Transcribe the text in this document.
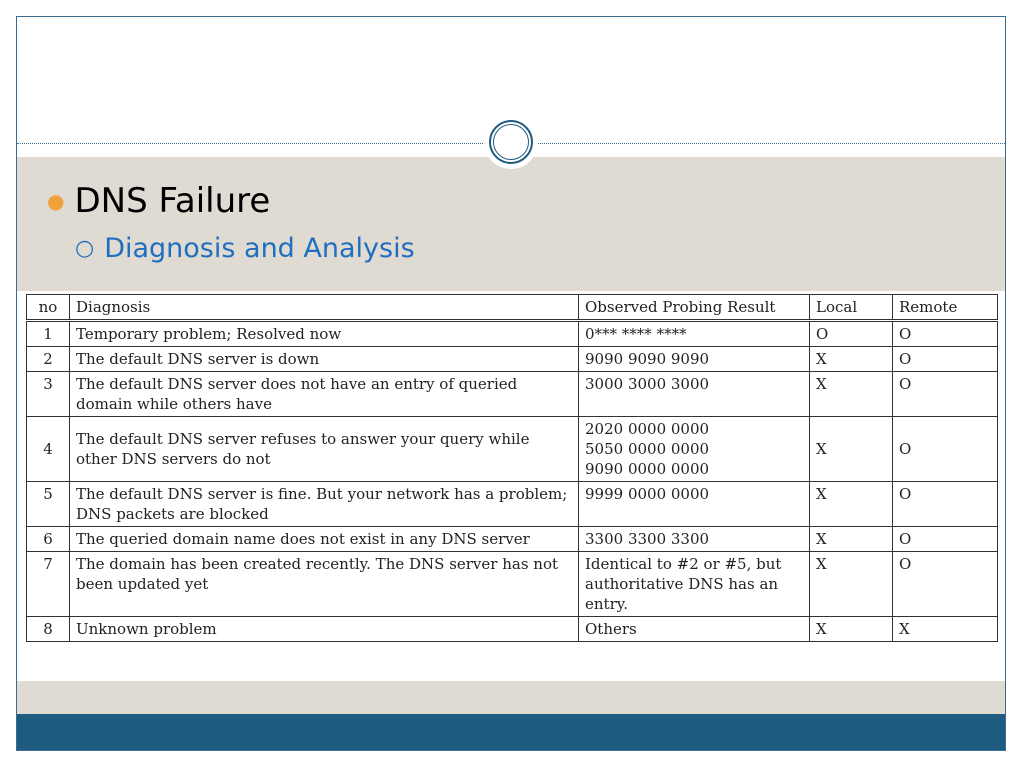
● DNS Failure
○ Diagnosis and Analysis
no	Diagnosis	Observed Probing Result	Local	Remote
1	Temporary problem; Resolved now	0*** **** ****	O	O
2	The default DNS server is down	9090 9090 9090	X	O
3	The default DNS server does not have an entry of queried domain while others have	3000 3000 3000	X	O
4	The default DNS server refuses to answer your query while other DNS servers do not	2020 0000 0000
5050 0000 0000
9090 0000 0000	X	O
5	The default DNS server is fine. But your network has a problem; DNS packets are blocked	9999 0000 0000	X	O
6	The queried domain name does not exist in any DNS server	3300 3300 3300	X	O
7	The domain has been created recently. The DNS server has not been updated yet	Identical to #2 or #5, but authoritative DNS has an entry.	X	O
8	Unknown problem	Others	X	X
